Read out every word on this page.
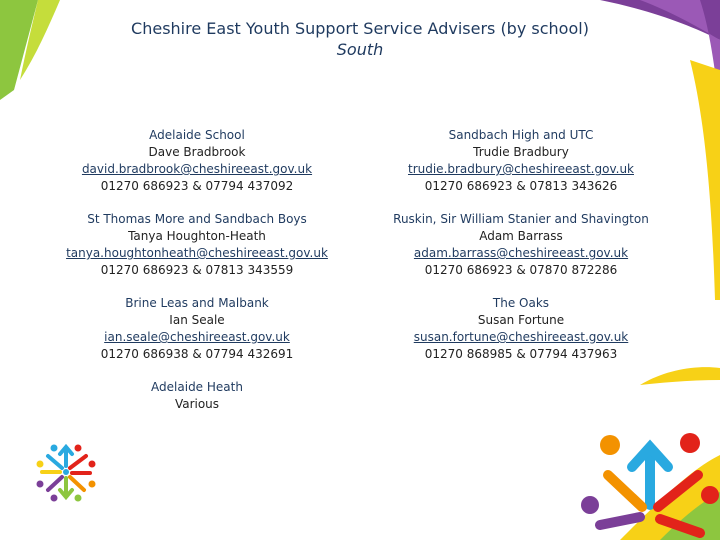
Cheshire East Youth Support Service Advisers (by school)
South
Adelaide School
Dave Bradbrook
david.bradbrook@cheshireeast.gov.uk
01270 686923 & 07794 437092
Sandbach High and UTC
Trudie Bradbury
trudie.bradbury@cheshireeast.gov.uk
01270 686923 & 07813 343626
St Thomas More and Sandbach Boys
Tanya Houghton-Heath
tanya.houghtonheath@cheshireeast.gov.uk
01270 686923 & 07813 343559
Ruskin, Sir William Stanier and Shavington
Adam Barrass
adam.barrass@cheshireeast.gov.uk
01270 686923 & 07870 872286
Brine Leas and Malbank
Ian Seale
ian.seale@cheshireeast.gov.uk
01270 686938 & 07794 432691
The Oaks
Susan Fortune
susan.fortune@cheshireeast.gov.uk
01270 868985 & 07794 437963
Adelaide Heath
Various
